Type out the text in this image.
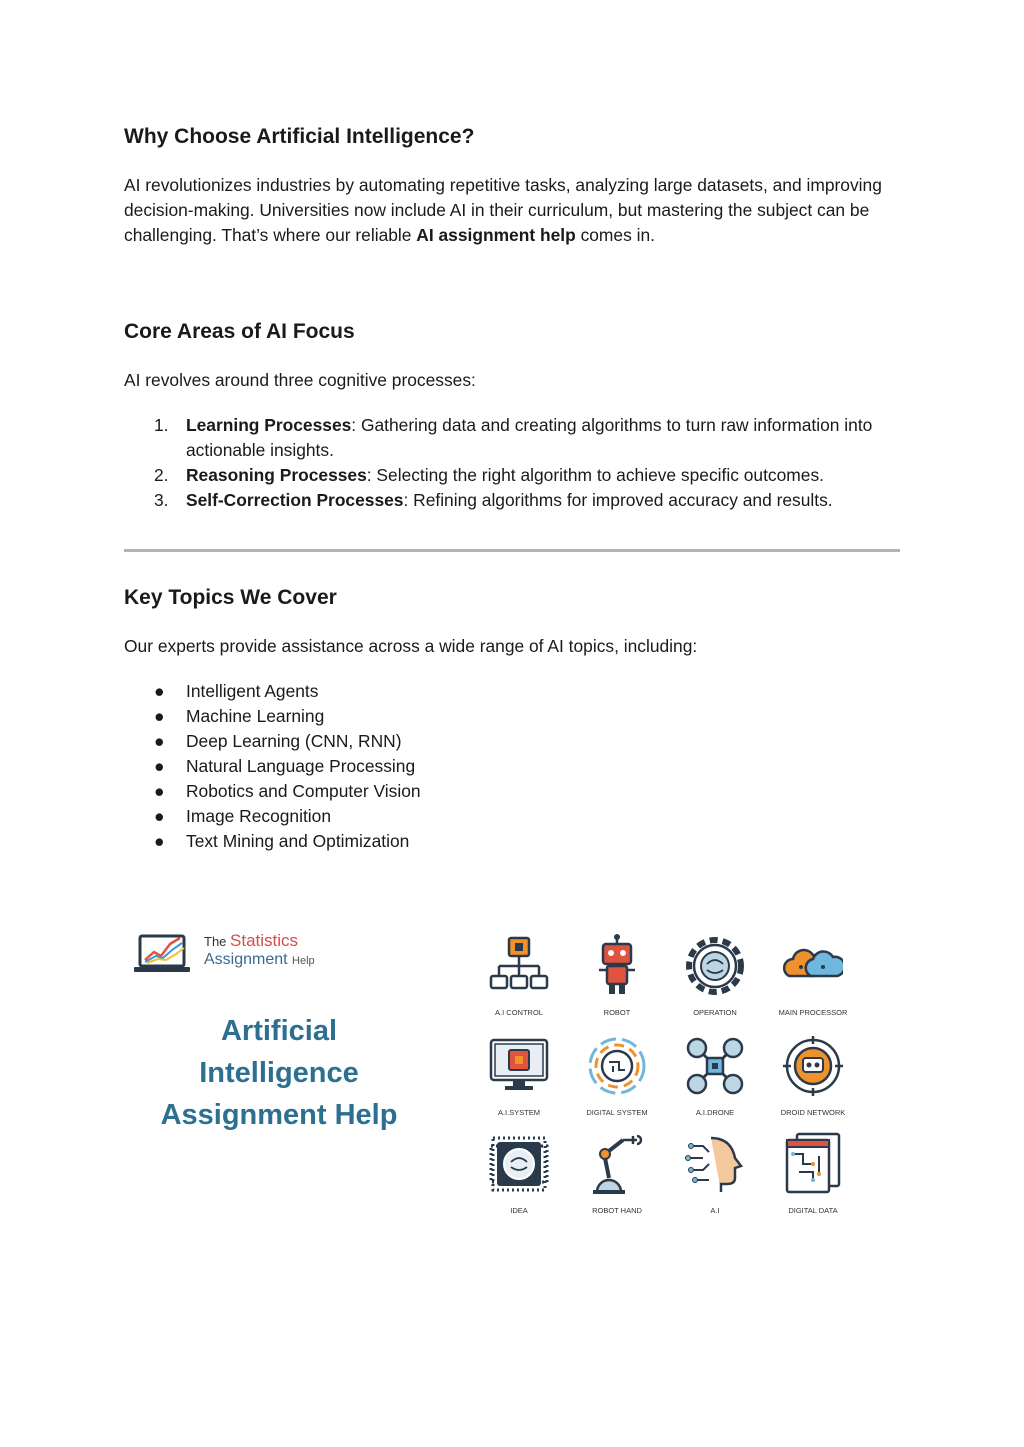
Why Choose Artificial Intelligence?

AI revolutionizes industries by automating repetitive tasks, analyzing large datasets, and improving decision-making. Universities now include AI in their curriculum, but mastering the subject can be challenging. That’s where our reliable AI assignment help comes in.

Core Areas of AI Focus

AI revolves around three cognitive processes:

1. Learning Processes: Gathering data and creating algorithms to turn raw information into actionable insights.
2. Reasoning Processes: Selecting the right algorithm to achieve specific outcomes.
3. Self-Correction Processes: Refining algorithms for improved accuracy and results.
Key Topics We Cover

Our experts provide assistance across a wide range of AI topics, including:

● Intelligent Agents
● Machine Learning
● Deep Learning (CNN, RNN)
● Natural Language Processing
● Robotics and Computer Vision
● Image Recognition
● Text Mining and Optimization
The Statistics
Assignment Help
Artificial
Intelligence
Assignment Help
A.I CONTROL	ROBOT	OPERATION	MAIN PROCESSOR
A.I.SYSTEM	DIGITAL SYSTEM	A.I.DRONE	DROID NETWORK
IDEA	ROBOT HAND	A.I	DIGITAL DATA
